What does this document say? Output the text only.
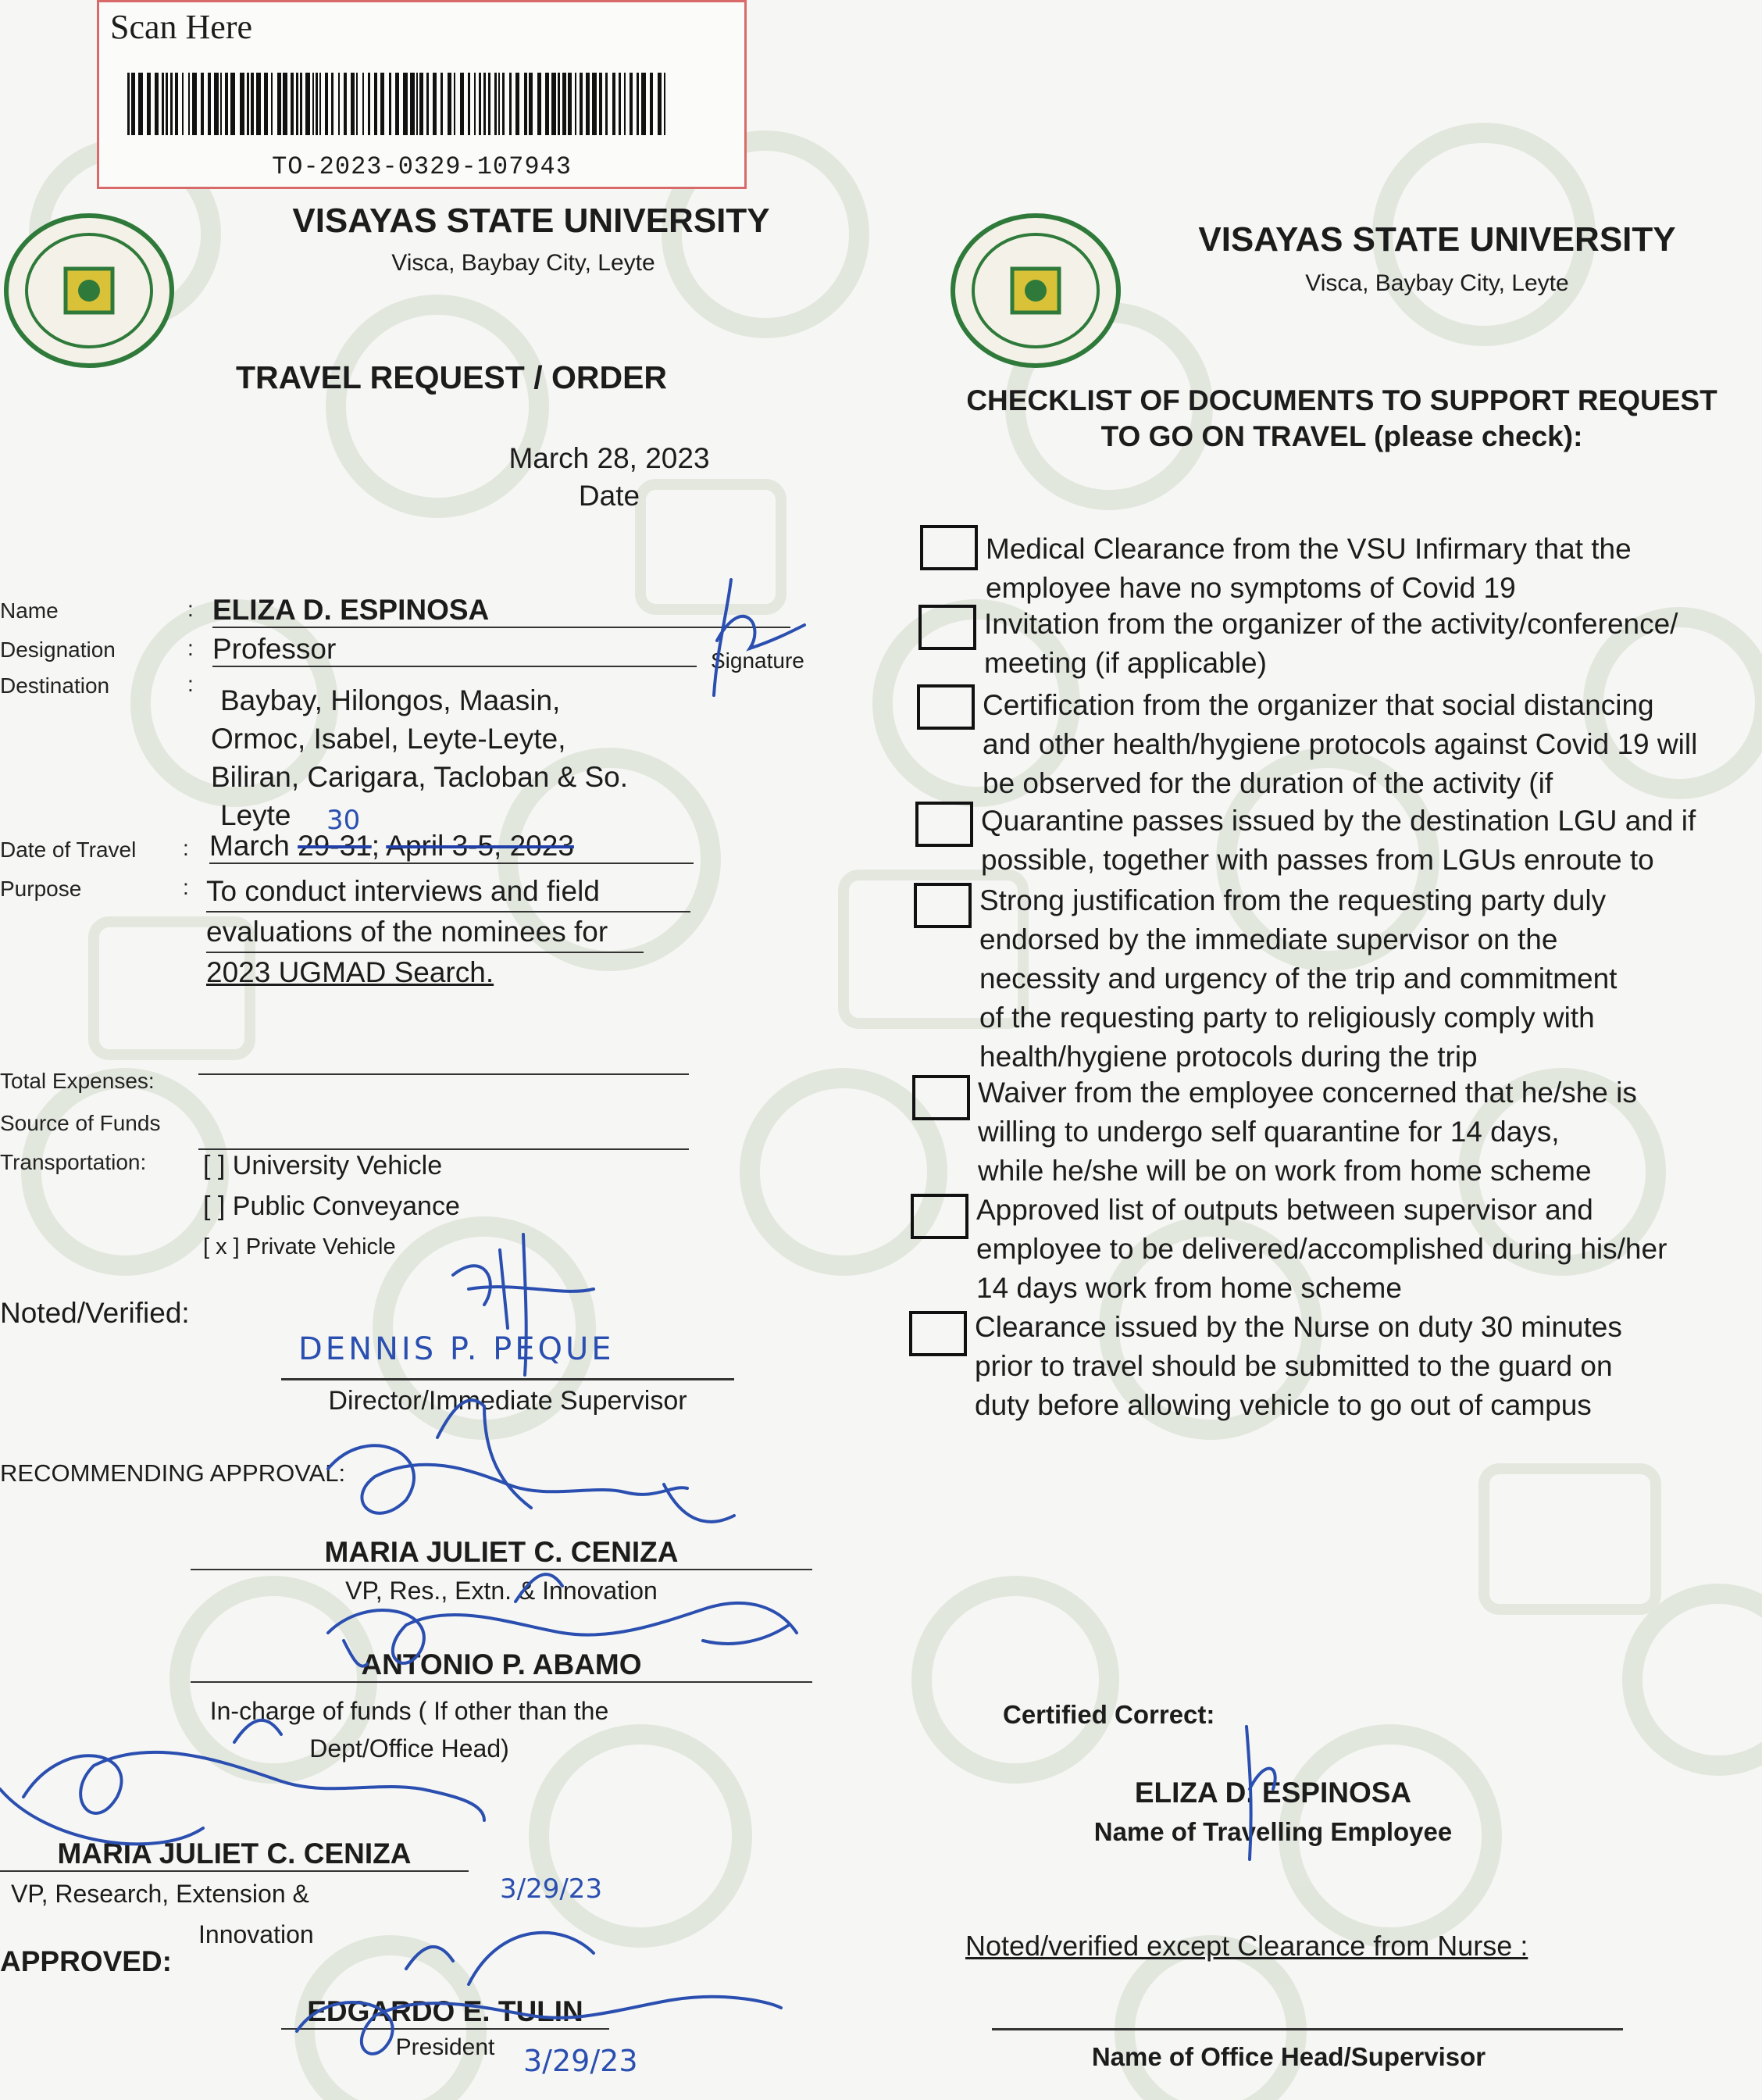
Scan Here
TO-2023-0329-107943
VISAYAS STATE UNIVERSITY
Visca, Baybay City, Leyte
TRAVEL REQUEST / ORDER
March 28, 2023
Date
Name	: ELIZA D. ESPINOSA
Designation	: Professor	Signature
Destination	:
Baybay, Hilongos, Maasin,
Ormoc, Isabel, Leyte-Leyte,
Biliran, Carigara, Tacloban & So.
Leyte
Date of Travel : March 29-31; April 3-5, 2023
30
Purpose	: To conduct interviews and field
evaluations of the nominees for
2023 UGMAD Search.
Total Expenses:
Source of Funds
Transportation: [ ] University Vehicle
[ ] Public Conveyance
[ x ] Private Vehicle
Noted/Verified:
DENNIS P. PEQUE
Director/Immediate Supervisor
RECOMMENDING APPROVAL:
MARIA JULIET C. CENIZA
VP, Res., Extn. & Innovation
ANTONIO P. ABAMO
In-charge of funds ( If other than the
Dept/Office Head)
MARIA JULIET C. CENIZA
VP, Research, Extension &
Innovation
APPROVED:
EDGARDO E. TULIN
President
3/29/23
3/29/23
VISAYAS STATE UNIVERSITY
Visca, Baybay City, Leyte
CHECKLIST OF DOCUMENTS TO SUPPORT REQUEST
TO GO ON TRAVEL (please check):
Medical Clearance from the VSU Infirmary that the
employee have no symptoms of Covid 19
Invitation from the organizer of the activity/conference/
meeting (if applicable)
Certification from the organizer that social distancing
and other health/hygiene protocols against Covid 19 will
be observed for the duration of the activity (if
Quarantine passes issued by the destination LGU and if
possible, together with passes from LGUs enroute to
Strong justification from the requesting party duly
endorsed by the immediate supervisor on the
necessity and urgency of the trip and commitment
of the requesting party to religiously comply with
health/hygiene protocols during the trip
Waiver from the employee concerned that he/she is
willing to undergo self quarantine for 14 days,
while he/she will be on work from home scheme
Approved list of outputs between supervisor and
employee to be delivered/accomplished during his/her
14 days work from home scheme
Clearance issued by the Nurse on duty 30 minutes
prior to travel should be submitted to the guard on
duty before allowing vehicle to go out of campus
Certified Correct:
ELIZA D. ESPINOSA
Name of Travelling Employee
Noted/verified except Clearance from Nurse :
Name of Office Head/Supervisor
